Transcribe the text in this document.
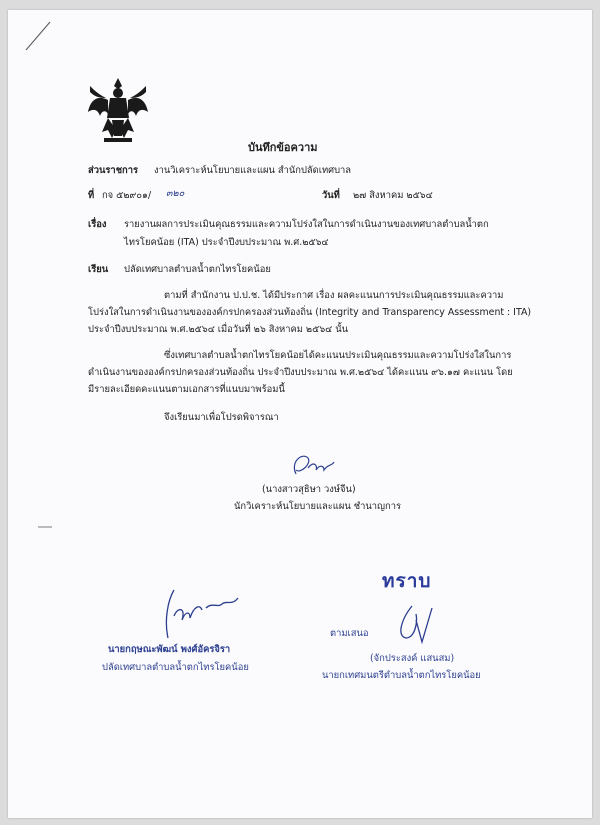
บันทึกข้อความ
ส่วนราชการ งานวิเคราะห์นโยบายและแผน สำนักปลัดเทศบาล
ที่ กจ ๕๒๙๐๑/ ๓๒๐	วันที่ ๒๗ สิงหาคม ๒๕๖๔
เรื่อง รายงานผลการประเมินคุณธรรมและความโปร่งใสในการดำเนินงานของเทศบาลตำบลน้ำตก
ไทรโยคน้อย (ITA) ประจำปีงบประมาณ พ.ศ.๒๕๖๔
เรียน ปลัดเทศบาลตำบลน้ำตกไทรโยคน้อย
ตามที่ สำนักงาน ป.ป.ช. ได้มีประกาศ เรื่อง ผลคะแนนการประเมินคุณธรรมและความ
โปร่งใสในการดำเนินงานขององค์กรปกครองส่วนท้องถิ่น (Integrity and Transparency Assessment : ITA)
ประจำปีงบประมาณ พ.ศ.๒๕๖๔ เมื่อวันที่ ๒๖ สิงหาคม ๒๕๖๔ นั้น
ซึ่งเทศบาลตำบลน้ำตกไทรโยคน้อยได้คะแนนประเมินคุณธรรมและความโปร่งใสในการ
ดำเนินงานขององค์กรปกครองส่วนท้องถิ่น ประจำปีงบประมาณ พ.ศ.๒๕๖๔ ได้คะแนน ๙๖.๑๗ คะแนน โดย
มีรายละเอียดคะแนนตามเอกสารที่แนบมาพร้อมนี้
จึงเรียนมาเพื่อโปรดพิจารณา
(นางสาวสุธิษา วงษ์จีน)
นักวิเคราะห์นโยบายและแผน ชำนาญการ
ทราบ
นายกฤษณะพัฒน์ พงศ์อัครจิรา
ปลัดเทศบาลตำบลน้ำตกไทรโยคน้อย
ตามเสนอ
(จักประสงค์ แสนสม)
นายกเทศมนตรีตำบลน้ำตกไทรโยคน้อย
